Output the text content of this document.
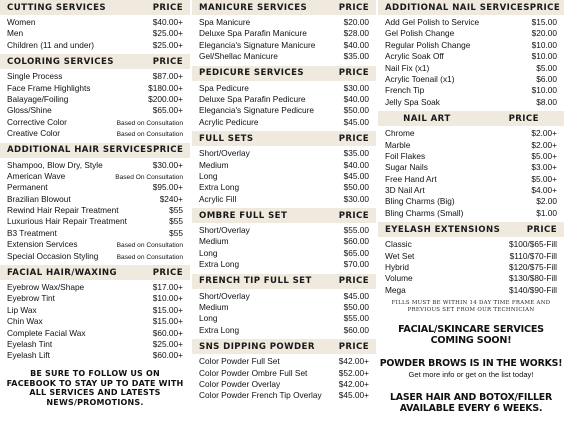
CUTTING SERVICES	PRICE
Women	$40.00+
Men	$25.00+
Children (11 and under)	$25.00+
COLORING SERVICES	PRICE
Single Process	$87.00+
Face Frame Highlights	$180.00+
Balayage/Foiling	$200.00+
Gloss/Shine	$65.00+
Corrective Color	Based on Consultation
Creative Color	Based on Consultation
ADDITIONAL HAIR SERVICES PRICE
Shampoo, Blow Dry, Style	$30.00+
American Wave	Based On Consultation
Permanent	$95.00+
Brazilian Blowout	$240+
Rewind Hair Repair Treatment	$55
Luxurious Hair Repair Treatment	$55
B3 Treatment	$55
Extension Services	Based on Consultation
Special Occasion Styling	Based on Consultation
FACIAL HAIR/WAXING	PRICE
Eyebrow Wax/Shape	$17.00+
Eyebrow Tint	$10.00+
Lip Wax	$15.00+
Chin Wax	$15.00+
Complete Facial Wax	$60.00+
Eyelash Tint	$25.00+
Eyelash Lift	$60.00+
BE SURE TO FOLLOW US ON FACEBOOK TO STAY UP TO DATE WITH ALL SERVICES AND LATESTS NEWS/PROMOTIONS.
MANICURE SERVICES	PRICE
Spa Manicure	$20.00
Deluxe Spa Parafin Manicure	$28.00
Elegancia's Signature Manicure	$40.00
Gel/Shellac Manicure	$35.00
PEDICURE SERVICES	PRICE
Spa Pedicure	$30.00
Deluxe Spa Parafin Pedicure	$40.00
Elegancia's Signature Pedicure	$50.00
Acrylic Pedicure	$45.00
FULL SETS	PRICE
Short/Overlay	$35.00
Medium	$40.00
Long	$45.00
Extra Long	$50.00
Acrylic Fill	$30.00
OMBRE FULL SET	PRICE
Short/Overlay	$55.00
Medium	$60.00
Long	$65.00
Extra Long	$70.00
FRENCH TIP FULL SET	PRICE
Short/Overlay	$45.00
Medium	$50.00
Long	$55.00
Extra Long	$60.00
SNS DIPPING POWDER	PRICE
Color Powder Full Set	$42.00+
Color Powder Ombre Full Set	$52.00+
Color Powder Overlay	$42.00+
Color Powder French Tip Overlay $45.00+
ADDITIONAL NAIL SERVICES PRICE
Add Gel Polish to Service	$15.00
Gel Polish Change	$20.00
Regular Polish Change	$10.00
Acrylic Soak Off	$10.00
Nail Fix (x1)	$5.00
Acrylic Toenail (x1)	$6.00
French Tip	$10.00
Jelly Spa Soak	$8.00
NAIL ART	PRICE
Chrome	$2.00+
Marble	$2.00+
Foil Flakes	$5.00+
Sugar Nails	$3.00+
Free Hand Art	$5.00+
3D Nail Art	$4.00+
Bling Charms (Big)	$2.00
Bling Charms (Small)	$1.00
EYELASH EXTENSIONS	PRICE
Classic	$100/$65-Fill
Wet Set	$110/$70-Fill
Hybrid	$120/$75-Fill
Volume	$130/$80-Fill
Mega	$140/$90-Fill
FILLS MUST BE WITHIN 14 DAY TIME FRAME AND PREVIOUS SET FROM OUR TECHNICIAN
FACIAL/SKINCARE SERVICES COMING SOON!
POWDER BROWS IS IN THE WORKS!
Get more info or get on the list today!
LASER HAIR AND BOTOX/FILLER AVAILABLE EVERY 6 WEEKS.
